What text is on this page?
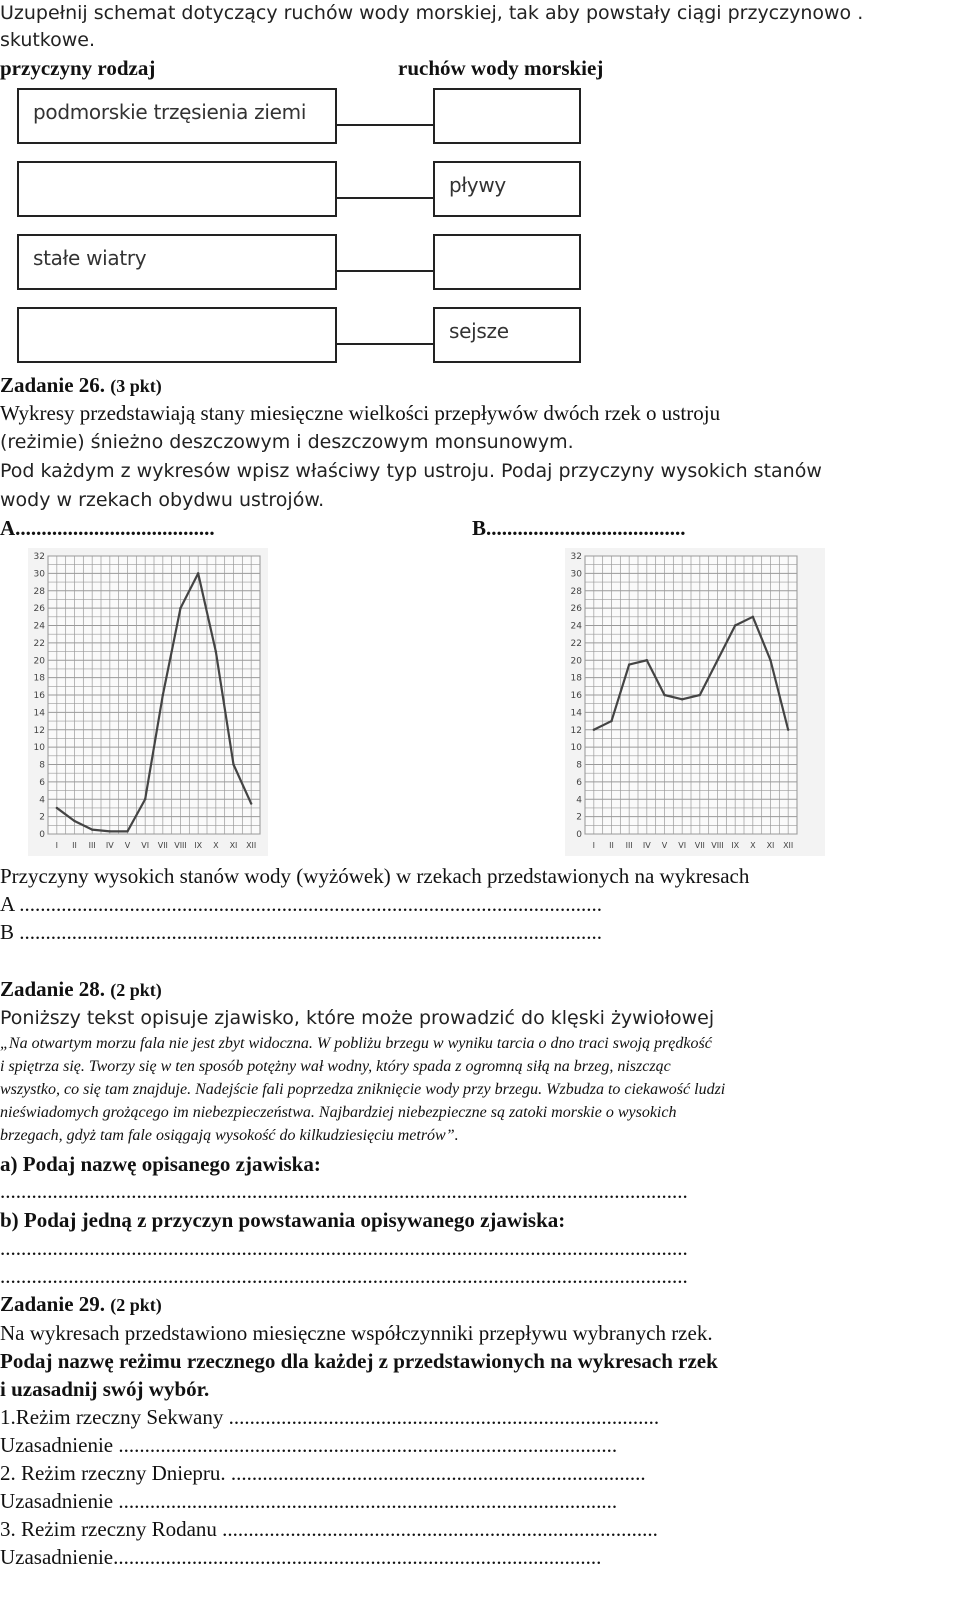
Uzupełnij schemat dotyczący ruchów wody morskiej, tak aby powstały ciągi przyczynowo .
skutkowe.
przyczyny rodzaj	ruchów wody morskiej
podmorskie trzęsienia ziemi
stałe wiatry
pływy
sejsze
Zadanie 26. (3 pkt)
Wykresy przedstawiają stany miesięczne wielkości przepływów dwóch rzek o ustroju
(reżimie) śnieżno deszczowym i deszczowym monsunowym.
Pod każdym z wykresów wpisz właściwy typ ustroju. Podaj przyczyny wysokich stanów
wody w rzekach obydwu ustrojów.
A......................................	B......................................
0
2
4
6
8
10
12
14
16
18
20
22
24
26
28
30
32
I II III IV V VI VII VIII IX X XI XII
0
2
4
6
8
10
12
14
16
18
20
22
24
26
28
30
32
I II III IV V VI VII VIII IX X XI XII
Przyczyny wysokich stanów wody (wyżówek) w rzekach przedstawionych na wykresach
A ...............................................................................................................
B ...............................................................................................................
Zadanie 28. (2 pkt)
Poniższy tekst opisuje zjawisko, które może prowadzić do klęski żywiołowej
„Na otwartym morzu fala nie jest zbyt widoczna. W pobliżu brzegu w wyniku tarcia o dno traci swoją prędkość
i spiętrza się. Tworzy się w ten sposób potężny wał wodny, który spada z ogromną siłą na brzeg, niszcząc
wszystko, co się tam znajduje. Nadejście fali poprzedza zniknięcie wody przy brzegu. Wzbudza to ciekawość ludzi
nieświadomych grożącego im niebezpieczeństwa. Najbardziej niebezpieczne są zatoki morskie o wysokich
brzegach, gdyż tam fale osiągają wysokość do kilkudziesięciu metrów”.
a) Podaj nazwę opisanego zjawiska:
...................................................................................................................................
b) Podaj jedną z przyczyn powstawania opisywanego zjawiska:
...................................................................................................................................
...................................................................................................................................
Zadanie 29. (2 pkt)
Na wykresach przedstawiono miesięczne współczynniki przepływu wybranych rzek.
Podaj nazwę reżimu rzecznego dla każdej z przedstawionych na wykresach rzek
i uzasadnij swój wybór.
1.Reżim rzeczny Sekwany ..................................................................................
Uzasadnienie ...............................................................................................
2. Reżim rzeczny Dniepru. ...............................................................................
Uzasadnienie ...............................................................................................
3. Reżim rzeczny Rodanu ...................................................................................
Uzasadnienie.............................................................................................
